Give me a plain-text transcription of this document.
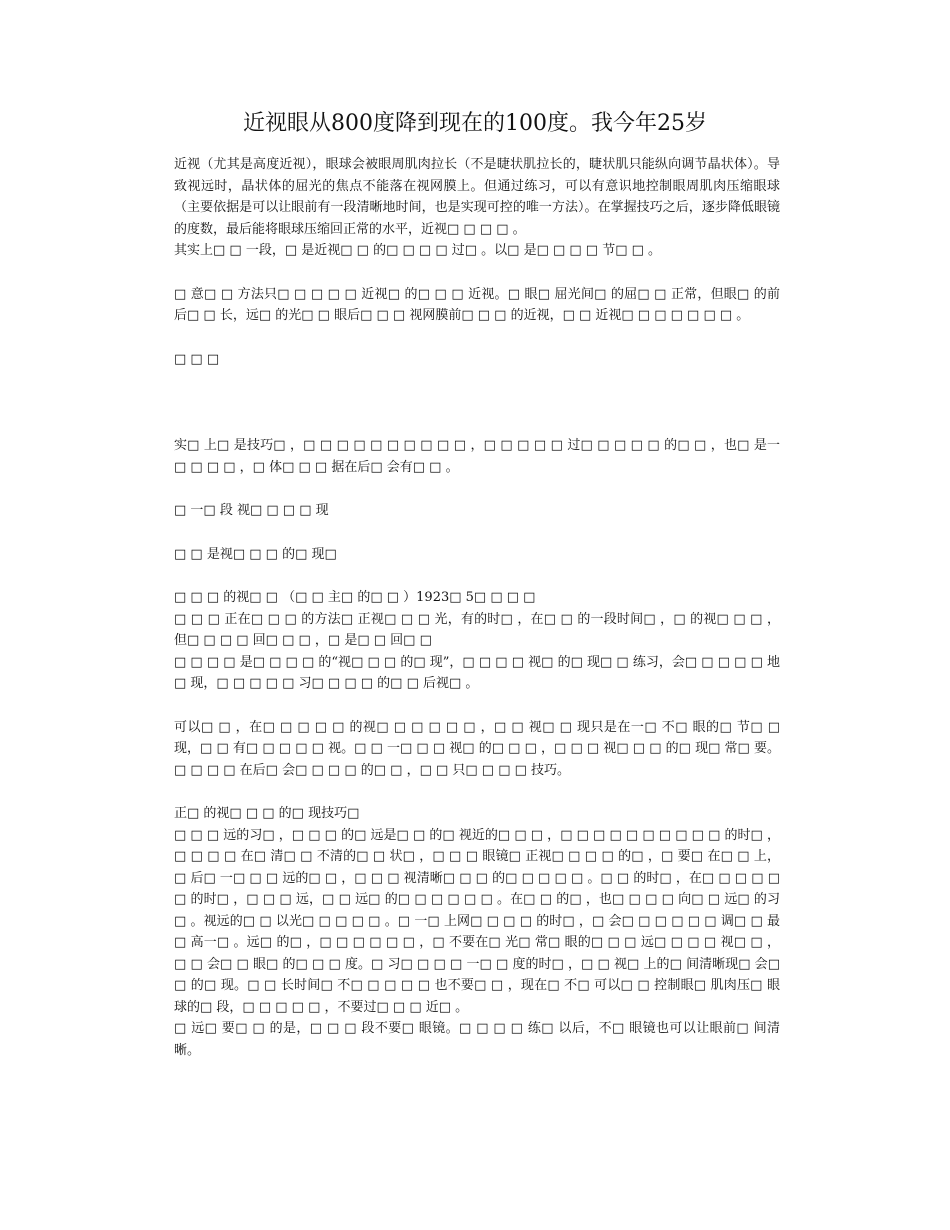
近视眼从800度降到现在的100度。我今年25岁

近视（尤其是高度近视），眼球会被眼周肌肉拉长（不是睫状肌拉长的，睫状肌只能纵向调节晶状体）。导致视远时，晶状体的屈光的焦点不能落在视网膜上。但通过练习，可以有意识地控制眼周肌肉压缩眼球（主要依据是可以让眼前有一段清晰地时间，也是实现可控的唯一方法）。在掌握技巧之后，逐步降低眼镜的度数，最后能将眼球压缩回正常的水平，近视□ □ □ □ 。

其实上□ □ 一段，□ 是近视□ □ 的□ □ □ □ 过□ 。以□ 是□ □ □ □ 节□ □ 。

□ 意□ □ 方法只□ □ □ □ □ 近视□ 的□ □ □ 近视。□ 眼□ 屈光间□ 的屈□ □ 正常，但眼□ 的前后□ □ 长，远□ 的光□ □ 眼后□ □ □ 视网膜前□ □ □ 的近视，□ □ 近视□ □ □ □ □ □ □ 。

□ □ □

实□ 上□ 是技巧□ ，□ □ □ □ □ □ □ □ □ □ ，□ □ □ □ □ 过□ □ □ □ □ 的□ □ ，也□ 是一□ □ □ □ ，□ 体□ □ □ 据在后□ 会有□ □ 。

□ 一□ 段 视□ □ □ □ 现

□ □ 是视□ □ □ 的□ 现□

□ □ □ 的视□ □ （□ □ 主□ 的□ □ ）1923□ 5□ □ □ □

□ □ □ 正在□ □ □ 的方法□ 正视□ □ □ 光，有的时□ ，在□ □ 的一段时间□ ，□ 的视□ □ □ ，但□ □ □ □ 回□ □ □ ，□ 是□ □ 回□ □

□ □ □ □ 是□ □ □ □ 的“视□ □ □ 的□ 现”，□ □ □ □ 视□ 的□ 现□ □ 练习，会□ □ □ □ □ 地□ 现，□ □ □ □ □ 习□ □ □ □ 的□ □ 后视□ 。

可以□ □ ，在□ □ □ □ □ 的视□ □ □ □ □ □ ，□ □ 视□ □ 现只是在一□ 不□ 眼的□ 节□ □ 现，□ □ 有□ □ □ □ □ 视。□ □ 一□ □ □ 视□ 的□ □ □ ，□ □ □ 视□ □ □ 的□ 现□ 常□ 要。□ □ □ □ 在后□ 会□ □ □ □ 的□ □ ，□ □ 只□ □ □ □ 技巧。

正□ 的视□ □ □ 的□ 现技巧□

□ □ □ 远的习□ ，□ □ □ 的□ 远是□ □ 的□ 视近的□ □ □ ，□ □ □ □ □ □ □ □ □ □ 的时□ ，□ □ □ □ 在□ 清□ □ 不清的□ □ 状□ ，□ □ □ 眼镜□ 正视□ □ □ □ 的□ ，□ 要□ 在□ □ 上，□ 后□ 一□ □ □ 远的□ □ ，□ □ □ 视清晰□ □ □ 的□ □ □ □ □ 。□ □ 的时□ ，在□ □ □ □ □ □ 的时□ ，□ □ □ 远，□ □ 远□ 的□ □ □ □ □ □ 。在□ □ 的□ ，也□ □ □ □ 向□ □ 远□ 的习□ 。视远的□ □ 以光□ □ □ □ □ 。□ 一□ 上网□ □ □ □ 的时□ ，□ 会□ □ □ □ □ □ 调□ □ 最□ 高一□ 。远□ 的□ ，□ □ □ □ □ □ ，□ 不要在□ 光□ 常□ 眼的□ □ □ 远□ □ □ □ 视□ □ ，□ □ 会□ □ 眼□ 的□ □ □ 度。□ 习□ □ □ □ 一□ □ 度的时□ ，□ □ 视□ 上的□ 间清晰现□ 会□ □ 的□ 现。□ □ 长时间□ 不□ □ □ □ □ 也不要□ □ ，现在□ 不□ 可以□ □ 控制眼□ 肌肉压□ 眼球的□ 段，□ □ □ □ □ ，不要过□ □ □ 近□ 。

□ 远□ 要□ □ 的是，□ □ □ 段不要□ 眼镜。□ □ □ □ 练□ 以后，不□ 眼镜也可以让眼前□ 间清晰。
